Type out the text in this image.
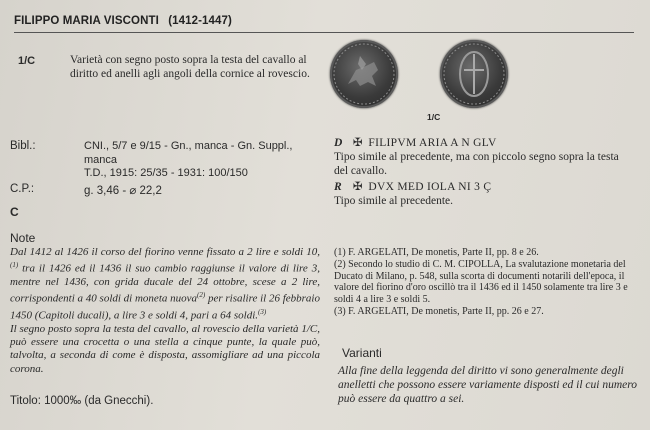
FILIPPO MARIA VISCONTI (1412-1447)
1/C	Varietà con segno posto sopra la testa del cavallo al diritto ed anelli agli angoli della cornice al rovescio.
1/C
Bibl.:	CNI., 5/7 e 9/15 - Gn., manca - Gn. Suppl., manca
T.D., 1915: 25/35 - 1931: 100/150
C.P.:	g. 3,46 - ⌀ 22,2
C
D ✠ FILIPVM ARIA A N GLV
Tipo simile al precedente, ma con piccolo segno sopra la testa del cavallo.
R ✠ DVX MED IOLA NI 3 Ç
Tipo simile al precedente.
Note
Dal 1412 al 1426 il corso del fiorino venne fissato a 2 lire e soldi 10,$^{(1)}$ tra il 1426 ed il 1436 il suo cambio raggiunse il valore di lire 3, mentre nel 1436, con grida ducale del 24 ottobre, scese a 2 lire, corrispondenti a 40 soldi di moneta nuova$^{(2)}$ per risalire il 26 febbraio 1450 (Capitoli ducali), a lire 3 e soldi 4, pari a 64 soldi.$^{(3)}$
Il segno posto sopra la testa del cavallo, al rovescio della varietà 1/C, può essere una crocetta o una stella a cinque punte, la quale può, talvolta, a seconda di come è disposta, assomigliare ad una piccola corona.
Titolo: 1000‰ (da Gnecchi).
(1) F. ARGELATI, De monetis, Parte II, pp. 8 e 26.
(2) Secondo lo studio di C. M. CIPOLLA, La svalutazione monetaria del Ducato di Milano, p. 548, sulla scorta di documenti notarili dell'epoca, il valore del fiorino d'oro oscillò tra il 1436 ed il 1450 solamente tra lire 3 e soldi 4 a lire 3 e soldi 5.
(3) F. ARGELATI, De monetis, Parte II, pp. 26 e 27.
Varianti
Alla fine della leggenda del diritto vi sono generalmente degli anelletti che possono essere variamente disposti ed il cui numero può essere da quattro a sei.
